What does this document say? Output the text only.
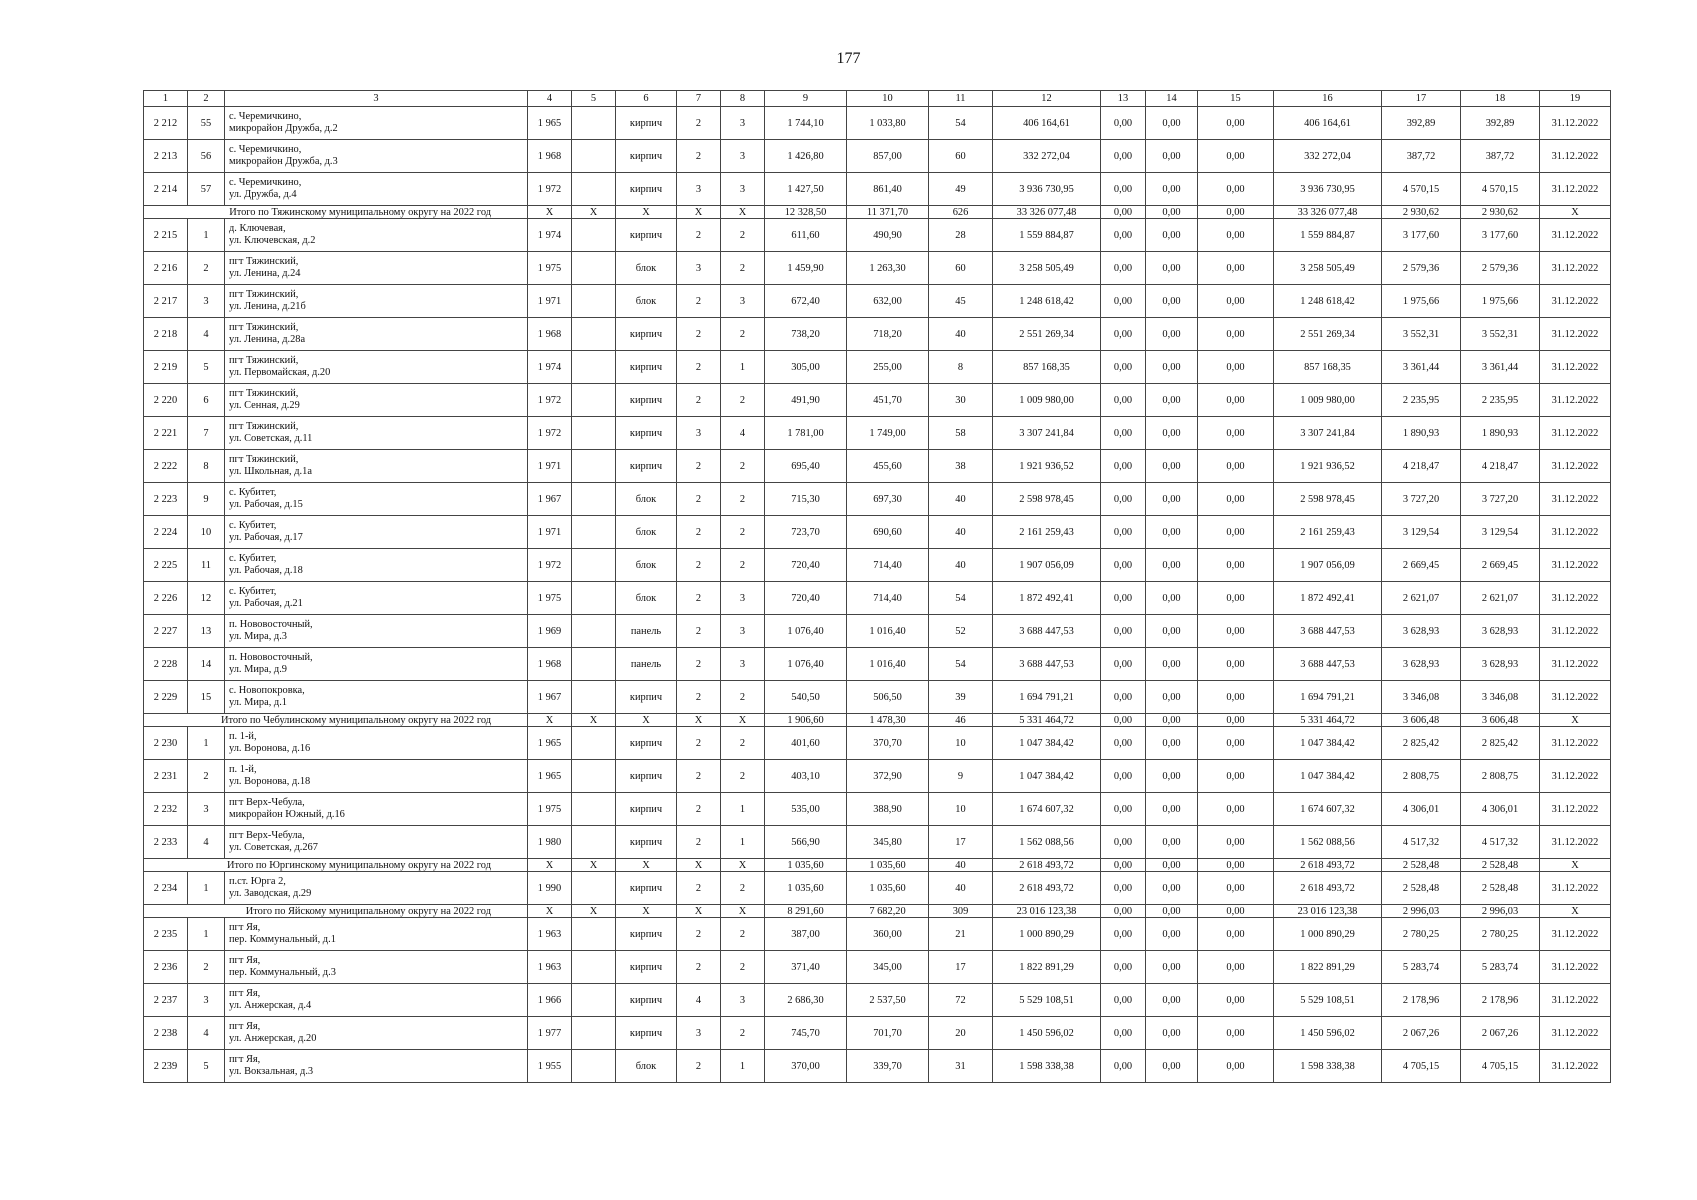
177
1	2	3	4	5	6	7	8	9	10	11	12	13	14	15	16	17	18	19
2 212	55	с. Черемичкино,
микрорайон Дружба, д.2	1 965		кирпич	2	3	1 744,10	1 033,80	54	406 164,61	0,00	0,00	0,00	406 164,61	392,89	392,89	31.12.2022
2 213	56	с. Черемичкино,
микрорайон Дружба, д.3	1 968		кирпич	2	3	1 426,80	857,00	60	332 272,04	0,00	0,00	0,00	332 272,04	387,72	387,72	31.12.2022
2 214	57	с. Черемичкино,
ул. Дружба, д.4	1 972		кирпич	3	3	1 427,50	861,40	49	3 936 730,95	0,00	0,00	0,00	3 936 730,95	4 570,15	4 570,15	31.12.2022
Итого по Тяжинскому муниципальному округу на 2022 год			X	X	X	X	X	12 328,50	11 371,70	626	33 326 077,48	0,00	0,00	0,00	33 326 077,48	2 930,62	2 930,62	X
2 215	1	д. Ключевая,
ул. Ключевская, д.2	1 974		кирпич	2	2	611,60	490,90	28	1 559 884,87	0,00	0,00	0,00	1 559 884,87	3 177,60	3 177,60	31.12.2022
2 216	2	пгт Тяжинский,
ул. Ленина, д.24	1 975		блок	3	2	1 459,90	1 263,30	60	3 258 505,49	0,00	0,00	0,00	3 258 505,49	2 579,36	2 579,36	31.12.2022
2 217	3	пгт Тяжинский,
ул. Ленина, д.21б	1 971		блок	2	3	672,40	632,00	45	1 248 618,42	0,00	0,00	0,00	1 248 618,42	1 975,66	1 975,66	31.12.2022
2 218	4	пгт Тяжинский,
ул. Ленина, д.28а	1 968		кирпич	2	2	738,20	718,20	40	2 551 269,34	0,00	0,00	0,00	2 551 269,34	3 552,31	3 552,31	31.12.2022
2 219	5	пгт Тяжинский,
ул. Первомайская, д.20	1 974		кирпич	2	1	305,00	255,00	8	857 168,35	0,00	0,00	0,00	857 168,35	3 361,44	3 361,44	31.12.2022
2 220	6	пгт Тяжинский,
ул. Сенная, д.29	1 972		кирпич	2	2	491,90	451,70	30	1 009 980,00	0,00	0,00	0,00	1 009 980,00	2 235,95	2 235,95	31.12.2022
2 221	7	пгт Тяжинский,
ул. Советская, д.11	1 972		кирпич	3	4	1 781,00	1 749,00	58	3 307 241,84	0,00	0,00	0,00	3 307 241,84	1 890,93	1 890,93	31.12.2022
2 222	8	пгт Тяжинский,
ул. Школьная, д.1а	1 971		кирпич	2	2	695,40	455,60	38	1 921 936,52	0,00	0,00	0,00	1 921 936,52	4 218,47	4 218,47	31.12.2022
2 223	9	с. Кубитет,
ул. Рабочая, д.15	1 967		блок	2	2	715,30	697,30	40	2 598 978,45	0,00	0,00	0,00	2 598 978,45	3 727,20	3 727,20	31.12.2022
2 224	10	с. Кубитет,
ул. Рабочая, д.17	1 971		блок	2	2	723,70	690,60	40	2 161 259,43	0,00	0,00	0,00	2 161 259,43	3 129,54	3 129,54	31.12.2022
2 225	11	с. Кубитет,
ул. Рабочая, д.18	1 972		блок	2	2	720,40	714,40	40	1 907 056,09	0,00	0,00	0,00	1 907 056,09	2 669,45	2 669,45	31.12.2022
2 226	12	с. Кубитет,
ул. Рабочая, д.21	1 975		блок	2	3	720,40	714,40	54	1 872 492,41	0,00	0,00	0,00	1 872 492,41	2 621,07	2 621,07	31.12.2022
2 227	13	п. Нововосточный,
ул. Мира, д.3	1 969		панель	2	3	1 076,40	1 016,40	52	3 688 447,53	0,00	0,00	0,00	3 688 447,53	3 628,93	3 628,93	31.12.2022
2 228	14	п. Нововосточный,
ул. Мира, д.9	1 968		панель	2	3	1 076,40	1 016,40	54	3 688 447,53	0,00	0,00	0,00	3 688 447,53	3 628,93	3 628,93	31.12.2022
2 229	15	с. Новопокровка,
ул. Мира, д.1	1 967		кирпич	2	2	540,50	506,50	39	1 694 791,21	0,00	0,00	0,00	1 694 791,21	3 346,08	3 346,08	31.12.2022
Итого по Чебулинскому муниципальному округу на 2022 год			X	X	X	X	X	1 906,60	1 478,30	46	5 331 464,72	0,00	0,00	0,00	5 331 464,72	3 606,48	3 606,48	X
2 230	1	п. 1-й,
ул. Воронова, д.16	1 965		кирпич	2	2	401,60	370,70	10	1 047 384,42	0,00	0,00	0,00	1 047 384,42	2 825,42	2 825,42	31.12.2022
2 231	2	п. 1-й,
ул. Воронова, д.18	1 965		кирпич	2	2	403,10	372,90	9	1 047 384,42	0,00	0,00	0,00	1 047 384,42	2 808,75	2 808,75	31.12.2022
2 232	3	пгт Верх-Чебула,
микрорайон Южный, д.16	1 975		кирпич	2	1	535,00	388,90	10	1 674 607,32	0,00	0,00	0,00	1 674 607,32	4 306,01	4 306,01	31.12.2022
2 233	4	пгт Верх-Чебула,
ул. Советская, д.267	1 980		кирпич	2	1	566,90	345,80	17	1 562 088,56	0,00	0,00	0,00	1 562 088,56	4 517,32	4 517,32	31.12.2022
Итого по Юргинскому муниципальному округу на 2022 год			X	X	X	X	X	1 035,60	1 035,60	40	2 618 493,72	0,00	0,00	0,00	2 618 493,72	2 528,48	2 528,48	X
2 234	1	п.ст. Юрга 2,
ул. Заводская, д.29	1 990		кирпич	2	2	1 035,60	1 035,60	40	2 618 493,72	0,00	0,00	0,00	2 618 493,72	2 528,48	2 528,48	31.12.2022
Итого по Яйскому муниципальному округу на 2022 год			X	X	X	X	X	8 291,60	7 682,20	309	23 016 123,38	0,00	0,00	0,00	23 016 123,38	2 996,03	2 996,03	X
2 235	1	пгт Яя,
пер. Коммунальный, д.1	1 963		кирпич	2	2	387,00	360,00	21	1 000 890,29	0,00	0,00	0,00	1 000 890,29	2 780,25	2 780,25	31.12.2022
2 236	2	пгт Яя,
пер. Коммунальный, д.3	1 963		кирпич	2	2	371,40	345,00	17	1 822 891,29	0,00	0,00	0,00	1 822 891,29	5 283,74	5 283,74	31.12.2022
2 237	3	пгт Яя,
ул. Анжерская, д.4	1 966		кирпич	4	3	2 686,30	2 537,50	72	5 529 108,51	0,00	0,00	0,00	5 529 108,51	2 178,96	2 178,96	31.12.2022
2 238	4	пгт Яя,
ул. Анжерская, д.20	1 977		кирпич	3	2	745,70	701,70	20	1 450 596,02	0,00	0,00	0,00	1 450 596,02	2 067,26	2 067,26	31.12.2022
2 239	5	пгт Яя,
ул. Вокзальная, д.3	1 955		блок	2	1	370,00	339,70	31	1 598 338,38	0,00	0,00	0,00	1 598 338,38	4 705,15	4 705,15	31.12.2022
